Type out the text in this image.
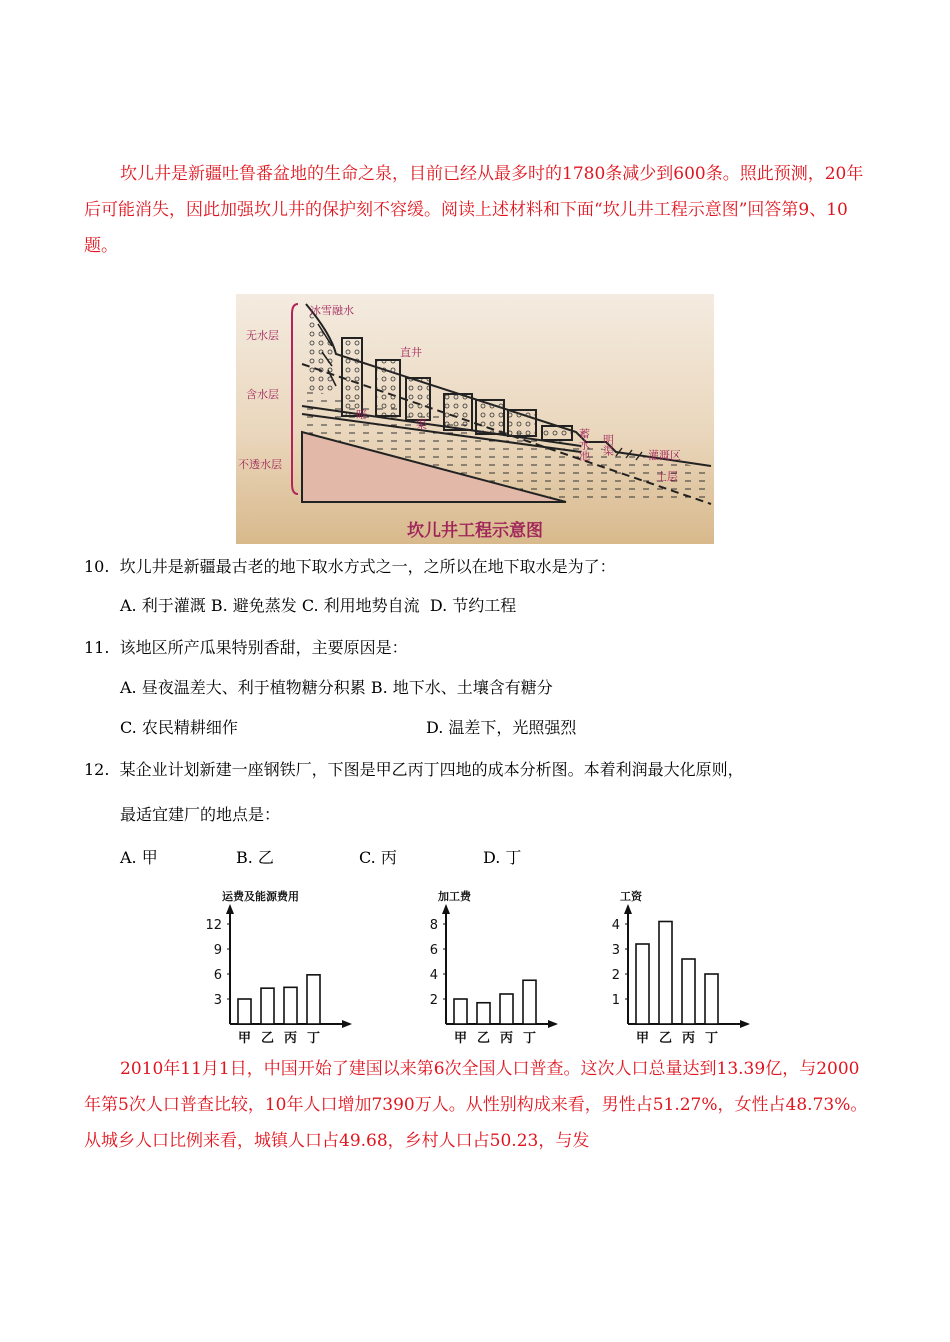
坎儿井是新疆吐鲁番盆地的生命之泉，目前已经从最多时的1780条减少到600条。照此预测，20年后可能消失，因此加强坎儿井的保护刻不容缓。阅读上述材料和下面“坎儿井工程示意图”回答第9、10题。

无水层
含水层
不透水层
冰雪融水
直井
暗
渠
蓄水池 明渠	灌溉区
土层
坎儿井工程示意图
10.  坎儿井是新疆最古老的地下取水方式之一，之所以在地下取水是为了：
A. 利于灌溉 B. 避免蒸发 C. 利用地势自流  D. 节约工程
11.  该地区所产瓜果特别香甜，主要原因是：
A. 昼夜温差大、利于植物糖分积累 B. 地下水、土壤含有糖分
C. 农民精耕细作	D. 温差下，光照强烈
12.  某企业计划新建一座钢铁厂，下图是甲乙丙丁四地的成本分析图。本着利润最大化原则，
最适宜建厂的地点是：
A. 甲	B. 乙	C. 丙	D. 丁
运费及能源费用
3
6
9
12
甲 乙 丙 丁
加工费
2
4
6
8
甲 乙 丙 丁
工资
1
2
3
4
甲 乙 丙 丁

2010年11月1日，中国开始了建国以来第6次全国人口普查。这次人口总量达到13.39亿，与2000年第5次人口普查比较，10年人口增加7390万人。从性别构成来看，男性占51.27%，女性占48.73%。从城乡人口比例来看，城镇人口占49.68，乡村人口占50.23，与发
